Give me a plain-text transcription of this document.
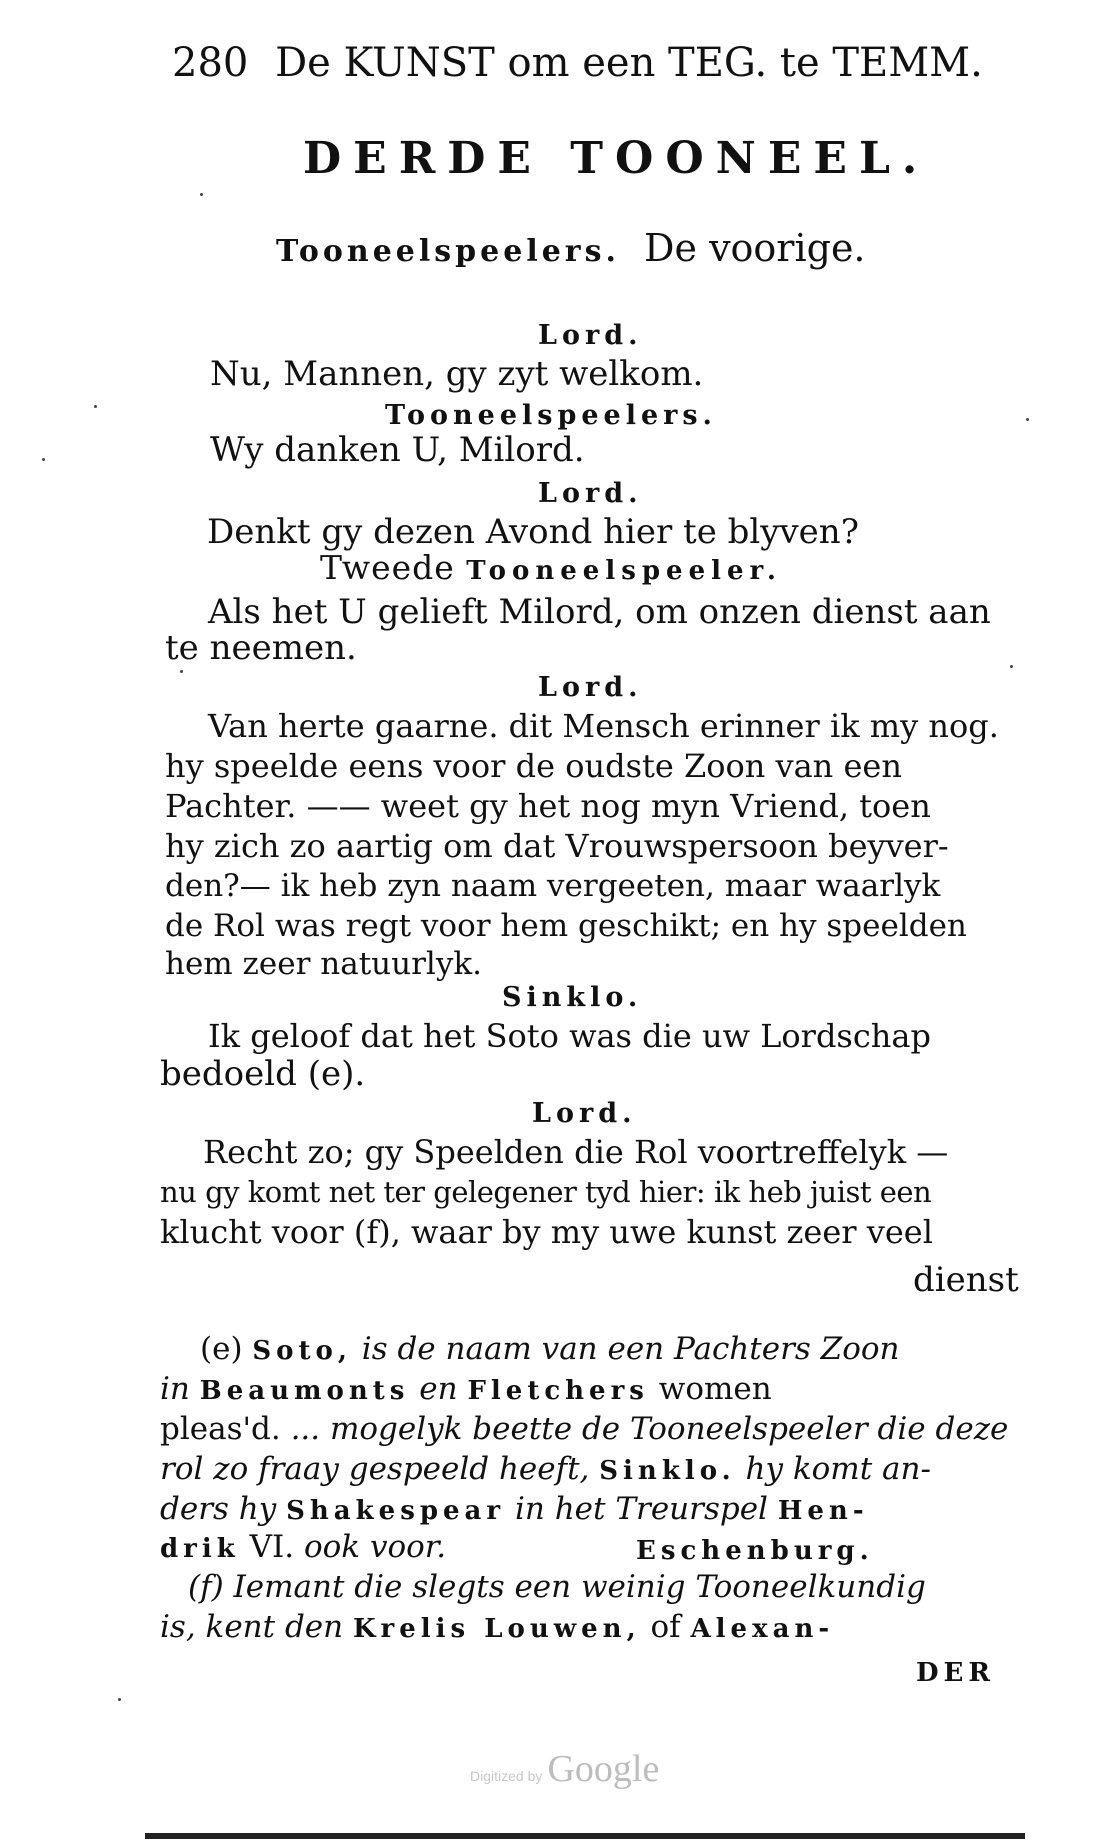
280 De KUNST om een TEG. te TEMM.
DERDE TOONEEL.
Tooneelspeelers. De voorige.
Lord.
Nu, Mannen, gy zyt welkom.
Tooneelspeelers.
Wy danken U, Milord.
Lord.
Denkt gy dezen Avond hier te blyven?
Tweede Tooneelspeeler.
Als het U gelieft Milord, om onzen dienst aan
te neemen.
Lord.
Van herte gaarne. dit Mensch erinner ik my nog.
hy speelde eens voor de oudste Zoon van een
Pachter. —— weet gy het nog myn Vriend, toen
hy zich zo aartig om dat Vrouwspersoon beyver-
den?— ik heb zyn naam vergeeten, maar waarlyk
de Rol was regt voor hem geschikt; en hy speelden
hem zeer natuurlyk.
Sinklo.
Ik geloof dat het Soto was die uw Lordschap
bedoeld (e).
Lord.
Recht zo; gy Speelden die Rol voortreffelyk —
nu gy komt net ter gelegener tyd hier: ik heb juist een
klucht voor (f), waar by my uwe kunst zeer veel
dienst
(e) Soto, is de naam van een Pachters Zoon
in Beaumonts en Fletchers women
pleas'd. ... mogelyk beette de Tooneelspeeler die deze
rol zo fraay gespeeld heeft, Sinklo. hy komt an-
ders hy Shakespear in het Treurspel Hen-
drik VI. ook voor.	Eschenburg.
(f) Iemant die slegts een weinig Tooneelkundig
is, kent den Krelis Louwen, of Alexan-
DER
Digitized by Google
